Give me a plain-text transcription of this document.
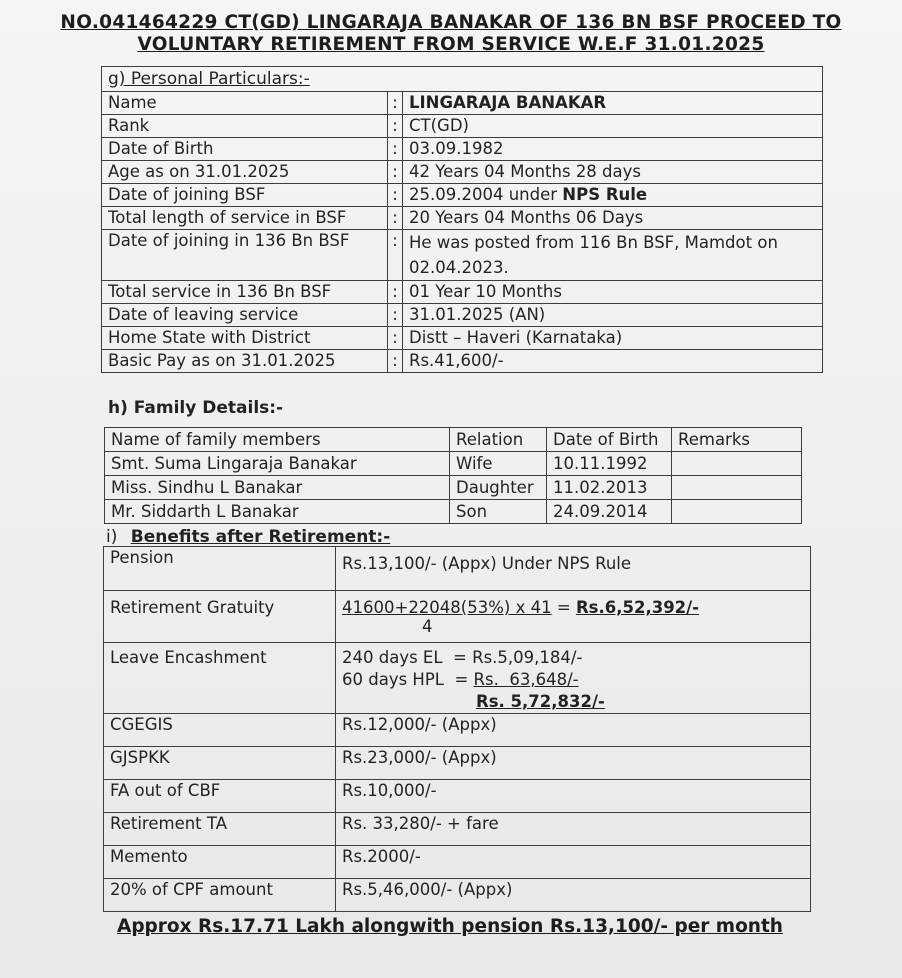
NO.041464229 CT(GD) LINGARAJA BANAKAR OF 136 BN BSF PROCEED TO
VOLUNTARY RETIREMENT FROM SERVICE W.E.F 31.01.2025
g) Personal Particulars:-		
Name	:	LINGARAJA BANAKAR
Rank	:	CT(GD)
Date of Birth	:	03.09.1982
Age as on 31.01.2025	:	42 Years 04 Months 28 days
Date of joining BSF	:	25.09.2004 under NPS Rule
Total length of service in BSF	:	20 Years 04 Months 06 Days
Date of joining in 136 Bn BSF	:	He was posted from 116 Bn BSF, Mamdot on
02.04.2023.

Total service in 136 Bn BSF	:	01 Year 10 Months
Date of leaving service	:	31.01.2025 (AN)
Home State with District	:	Distt – Haveri (Karnataka)
Basic Pay as on 31.01.2025	:	Rs.41,600/-
h) Family Details:-
Name of family members	Relation	Date of Birth	Remarks
Smt. Suma Lingaraja Banakar	Wife	10.11.1992	
Miss. Sindhu L Banakar	Daughter	11.02.2013	
Mr. Siddarth L Banakar	Son	24.09.2014	
i) Benefits after Retirement:-
Pension	Rs.13,100/- (Appx) Under NPS Rule
Retirement Gratuity	41600+22048(53%) x 41 = Rs.6,52,392/-
4

Leave Encashment	240 days EL  = Rs.5,09,184/-
60 days HPL  = Rs.  63,648/-
Rs. 5,72,832/-

CGEGIS	Rs.12,000/- (Appx)
GJSPKK	Rs.23,000/- (Appx)
FA out of CBF	Rs.10,000/-
Retirement TA	Rs. 33,280/- + fare
Memento	Rs.2000/-
20% of CPF amount	Rs.5,46,000/- (Appx)
Approx Rs.17.71 Lakh alongwith pension Rs.13,100/- per month
